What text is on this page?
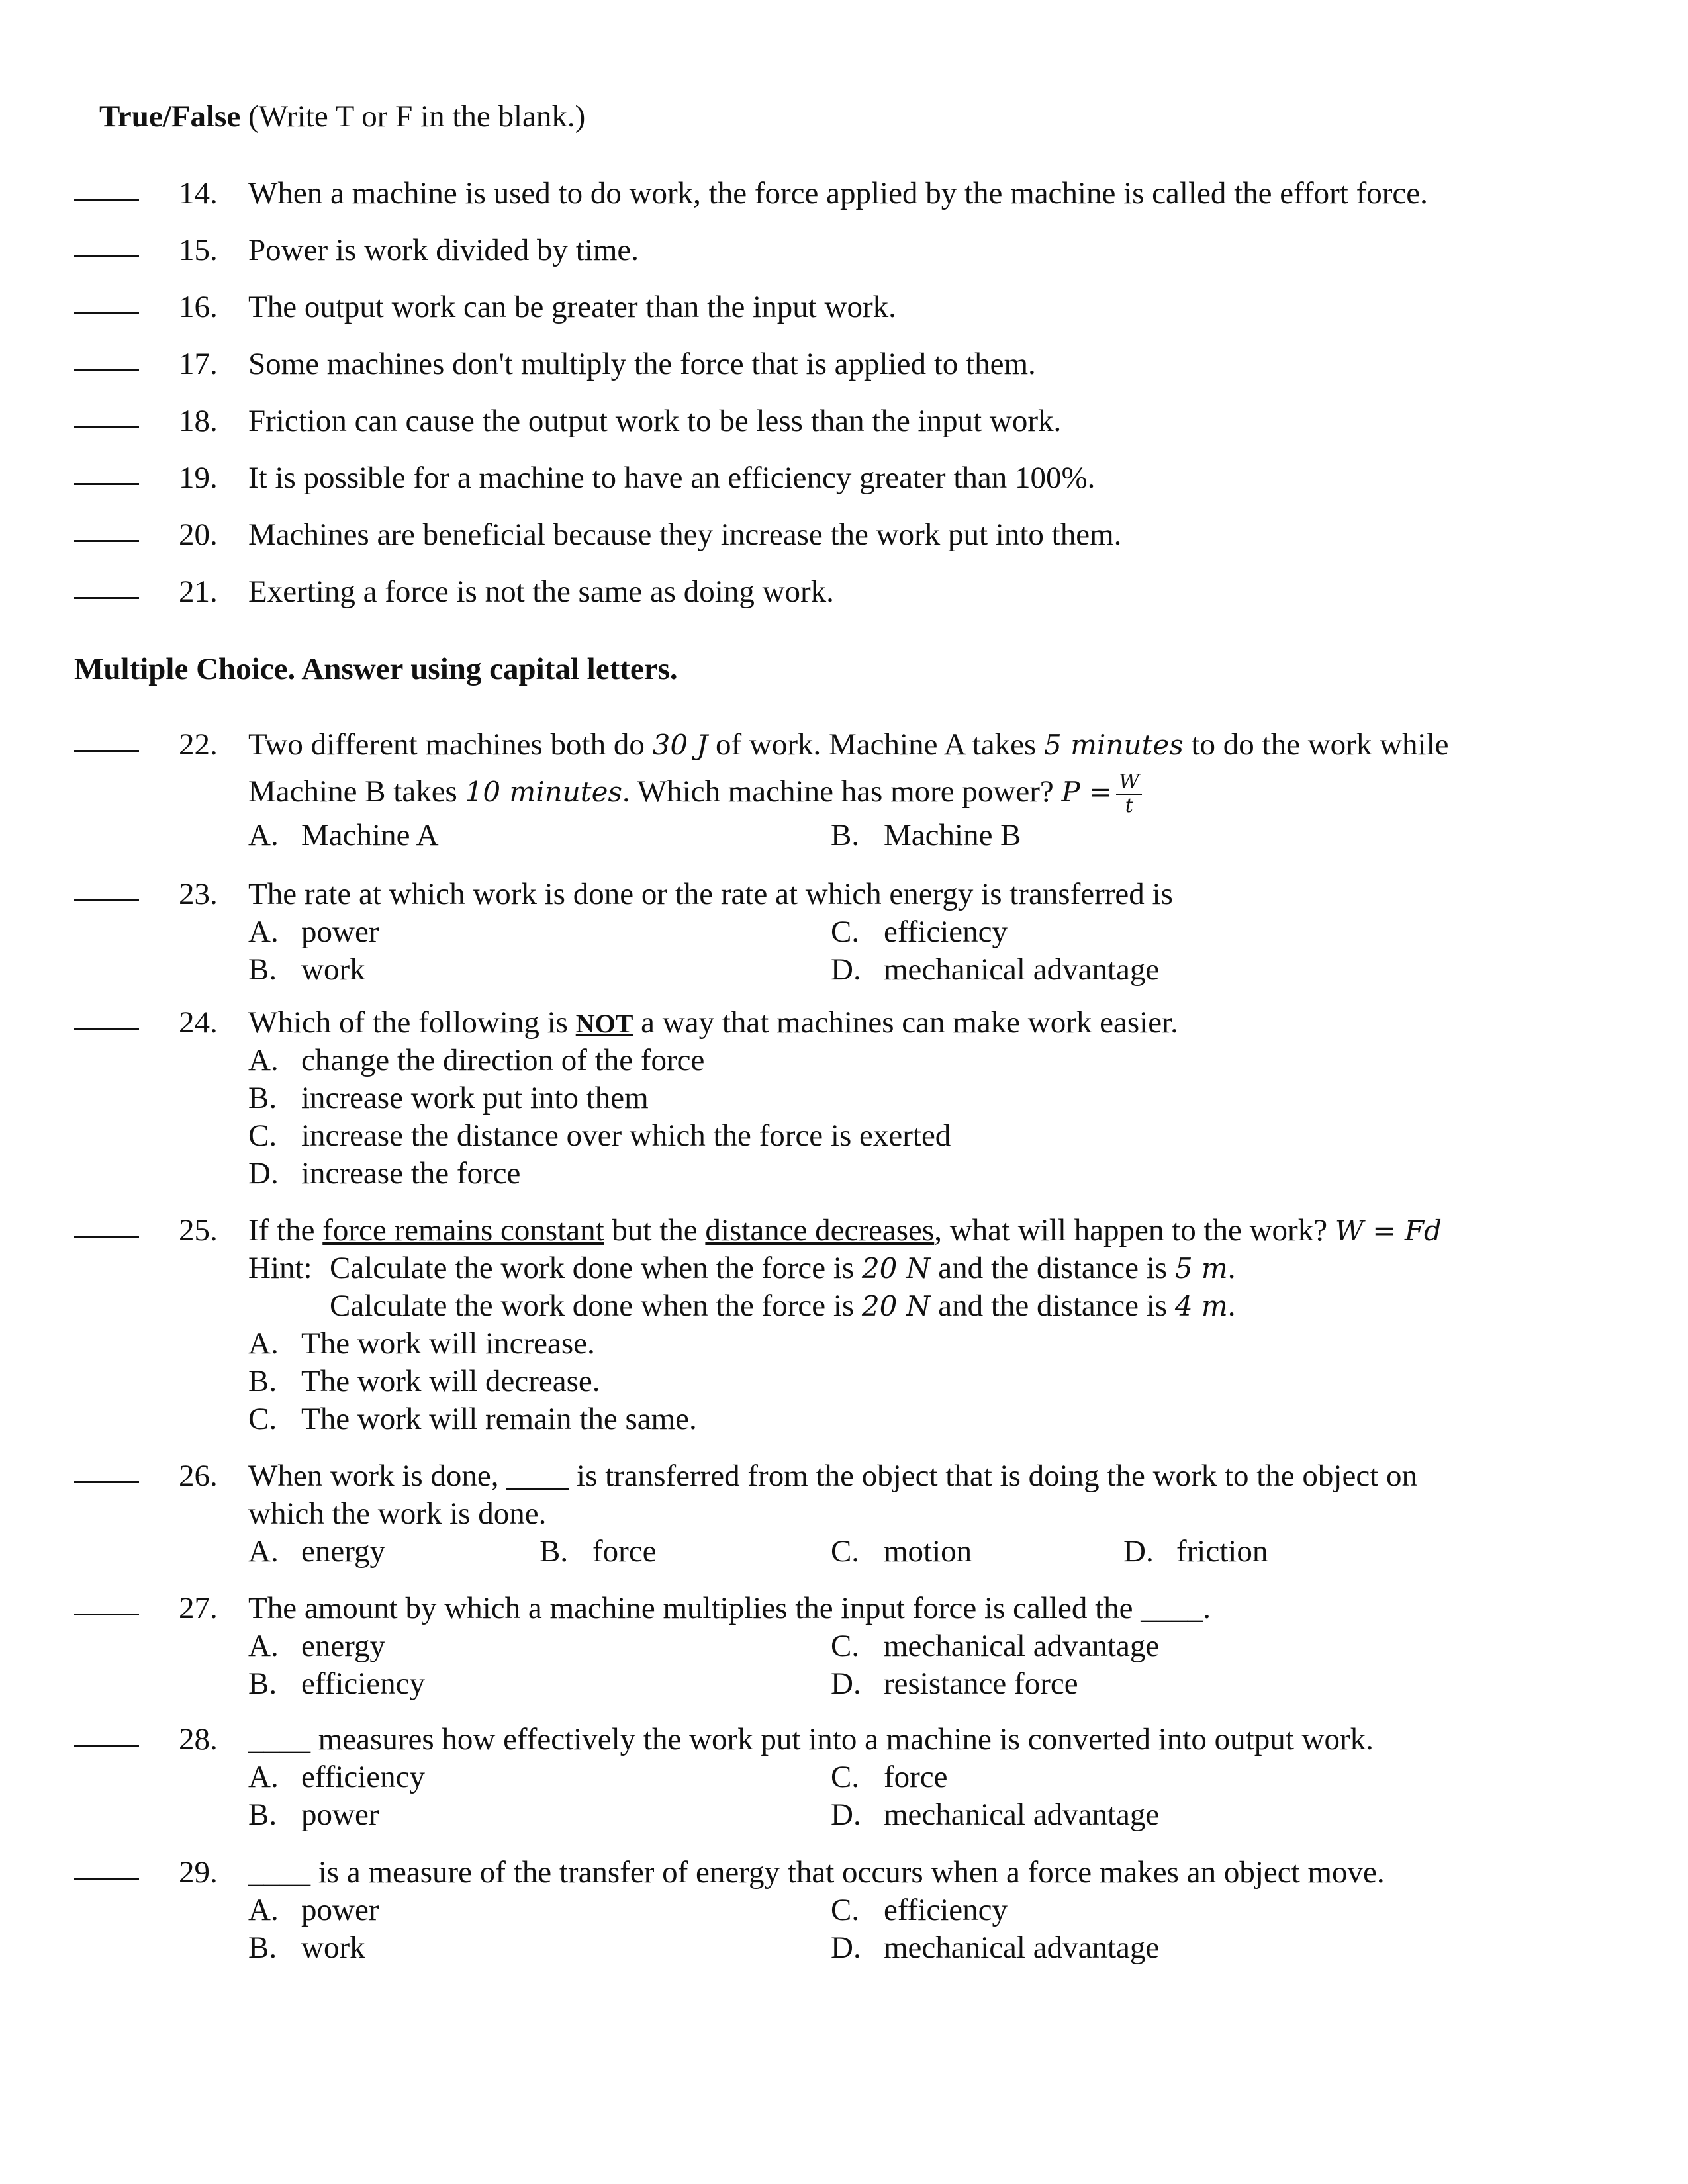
True/False (Write T or F in the blank.)
14. When a machine is used to do work, the force applied by the machine is called the effort force.
15. Power is work divided by time.
16. The output work can be greater than the input work.
17. Some machines don't multiply the force that is applied to them.
18. Friction can cause the output work to be less than the input work.
19. It is possible for a machine to have an efficiency greater than 100%.
20. Machines are beneficial because they increase the work put into them.
21. Exerting a force is not the same as doing work.
Multiple Choice. Answer using capital letters.
22. Two different machines both do 30 J of work. Machine A takes 5 minutes to do the work while
Machine B takes 10 minutes. Which machine has more power? $P = \frac{W}{t}$
A. Machine A	B. Machine B
23. The rate at which work is done or the rate at which energy is transferred is
A. power
B. work
C. efficiency
D. mechanical advantage
24. Which of the following is NOT a way that machines can make work easier.
A. change the direction of the force
B. increase work put into them
C. increase the distance over which the force is exerted
D. increase the force
25. If the force remains constant but the distance decreases, what will happen to the work? W = Fd
Hint: Calculate the work done when the force is 20 N and the distance is 5 m.
Calculate the work done when the force is 20 N and the distance is 4 m.
A. The work will increase.
B. The work will decrease.
C. The work will remain the same.
26. When work is done, ____ is transferred from the object that is doing the work to the object on
which the work is done.
A. energy	B. force	C. motion	D. friction
27. The amount by which a machine multiplies the input force is called the ____.
A. energy
B. efficiency
C. mechanical advantage
D. resistance force
28. ____ measures how effectively the work put into a machine is converted into output work.
A. efficiency
B. power
C. force
D. mechanical advantage
29. ____ is a measure of the transfer of energy that occurs when a force makes an object move.
A. power
B. work
C. efficiency
D. mechanical advantage
